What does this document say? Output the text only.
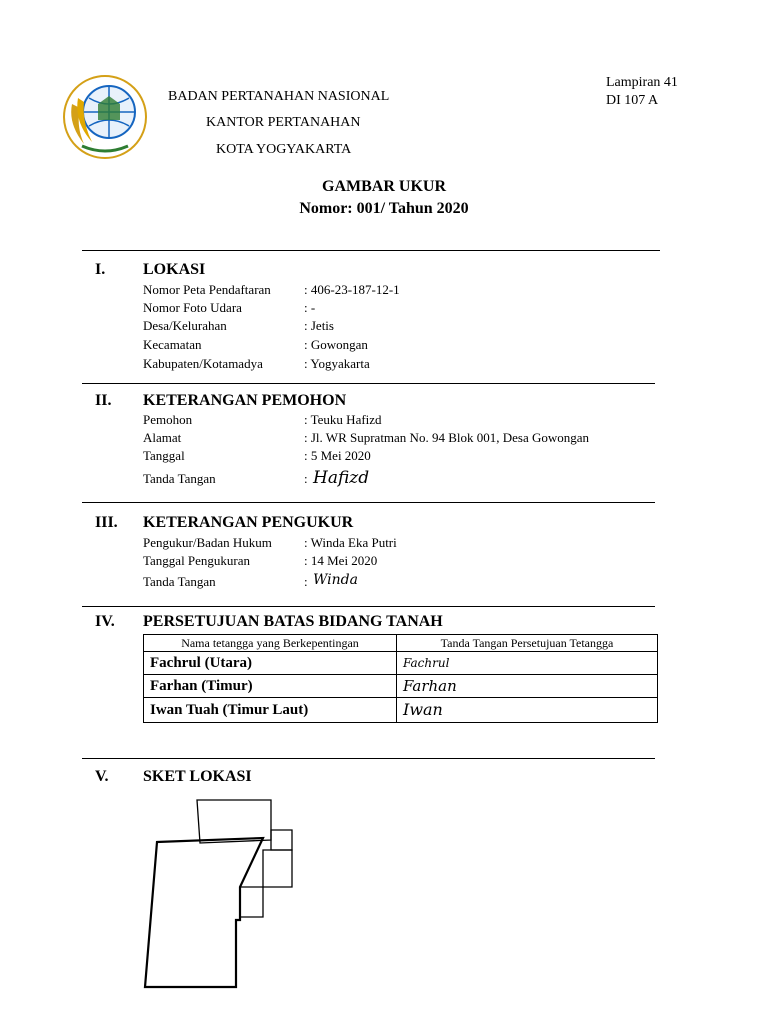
BADAN PERTANAHAN NASIONAL
KANTOR PERTANAHAN
KOTA YOGYAKARTA
Lampiran 41
DI 107 A
GAMBAR UKUR
Nomor: 001/ Tahun 2020
I. LOKASI
Nomor Peta Pendaftaran	: 406-23-187-12-1
Nomor Foto Udara	: -
Desa/Kelurahan	: Jetis
Kecamatan	: Gowongan
Kabupaten/Kotamadya	: Yogyakarta
II. KETERANGAN PEMOHON
Pemohon	: Teuku Hafizd
Alamat	: Jl. WR Supratman No. 94 Blok 001, Desa Gowongan
Tanggal	: 5 Mei 2020
Tanda Tangan	: Hafizd
III. KETERANGAN PENGUKUR
Pengukur/Badan Hukum : Winda Eka Putri
Tanggal Pengukuran	: 14 Mei 2020
Tanda Tangan	: Winda
IV. PERSETUJUAN BATAS BIDANG TANAH
Nama tetangga yang Berkepentingan	Tanda Tangan Persetujuan Tetangga
Fachrul (Utara)	Fachrul
Farhan (Timur)	Farhan
Iwan Tuah (Timur Laut)	Iwan
V. SKET LOKASI
